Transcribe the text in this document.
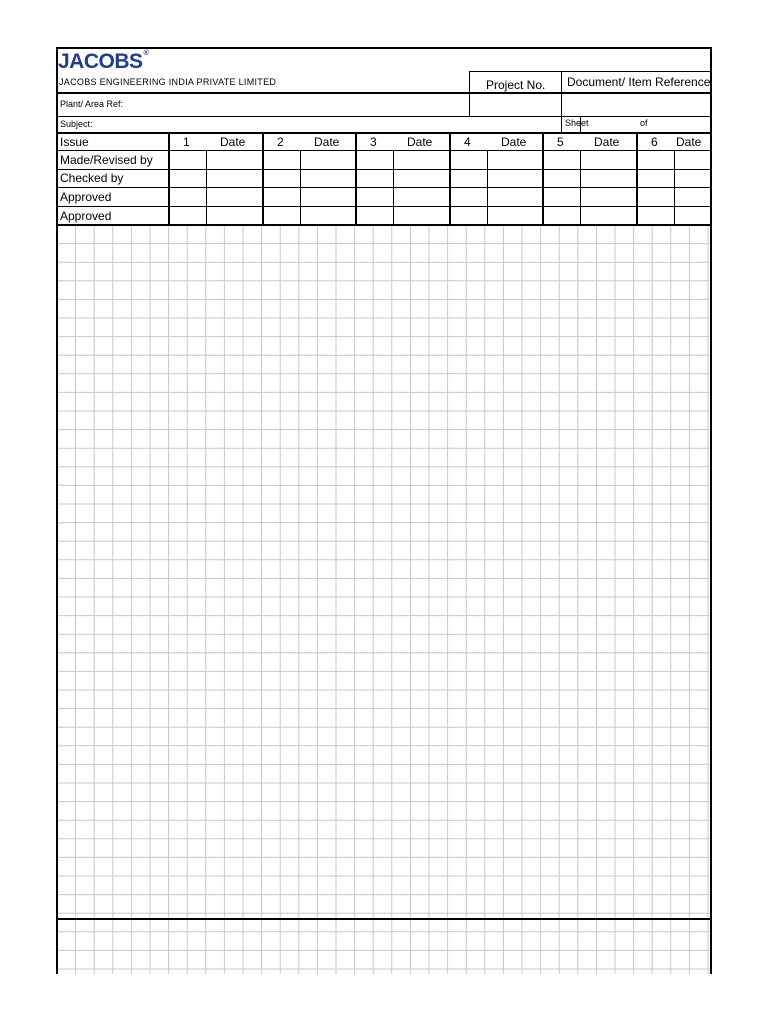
JACOBS®
JACOBS ENGINEERING INDIA PRIVATE LIMITED	Project No. Document/ Item Reference
Plant/ Area Ref:
Subject:	Sheet	of
Issue	1	Date	2	Date	3	Date	4	Date	5	Date	6 Date
Made/Revised by
Checked by
Approved
Approved
